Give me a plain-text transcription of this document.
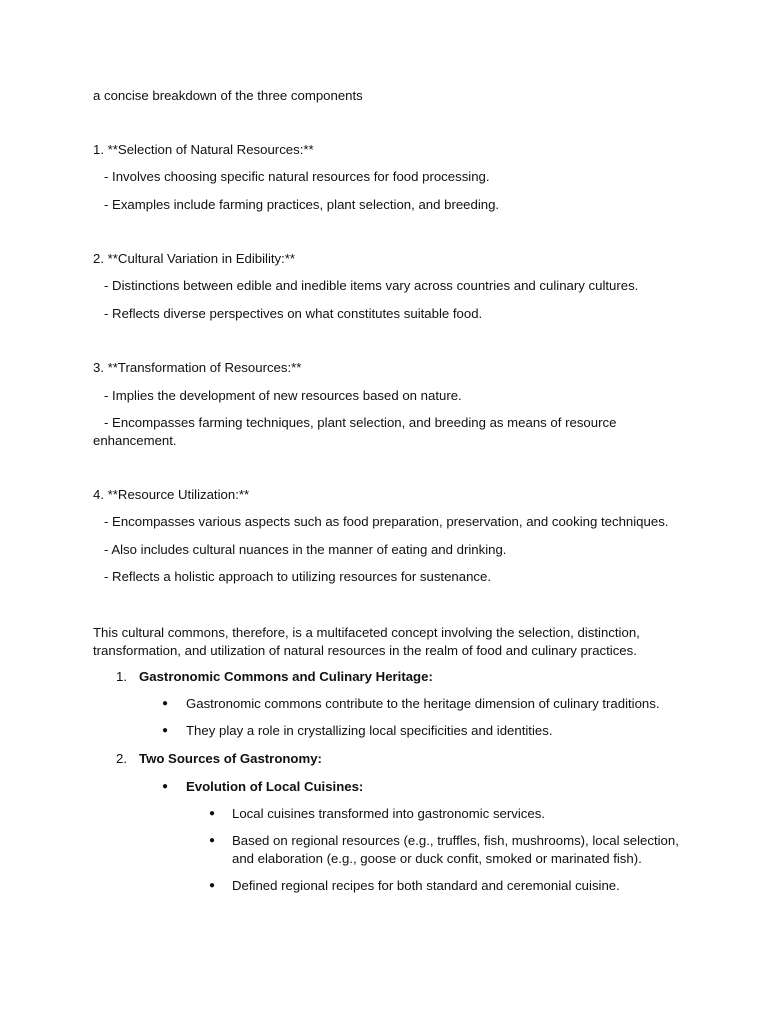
a concise breakdown of the three components
1. **Selection of Natural Resources:**
- Involves choosing specific natural resources for food processing.
- Examples include farming practices, plant selection, and breeding.
2. **Cultural Variation in Edibility:**
- Distinctions between edible and inedible items vary across countries and culinary cultures.
- Reflects diverse perspectives on what constitutes suitable food.
3. **Transformation of Resources:**
- Implies the development of new resources based on nature.
- Encompasses farming techniques, plant selection, and breeding as means of resource enhancement.
4. **Resource Utilization:**
- Encompasses various aspects such as food preparation, preservation, and cooking techniques.
- Also includes cultural nuances in the manner of eating and drinking.
- Reflects a holistic approach to utilizing resources for sustenance.
This cultural commons, therefore, is a multifaceted concept involving the selection, distinction, transformation, and utilization of natural resources in the realm of food and culinary practices.
1. Gastronomic Commons and Culinary Heritage:
● Gastronomic commons contribute to the heritage dimension of culinary traditions.
● They play a role in crystallizing local specificities and identities.
2. Two Sources of Gastronomy:
● Evolution of Local Cuisines:
● Local cuisines transformed into gastronomic services.
● Based on regional resources (e.g., truffles, fish, mushrooms), local selection, and elaboration (e.g., goose or duck confit, smoked or marinated fish).
● Defined regional recipes for both standard and ceremonial cuisine.
